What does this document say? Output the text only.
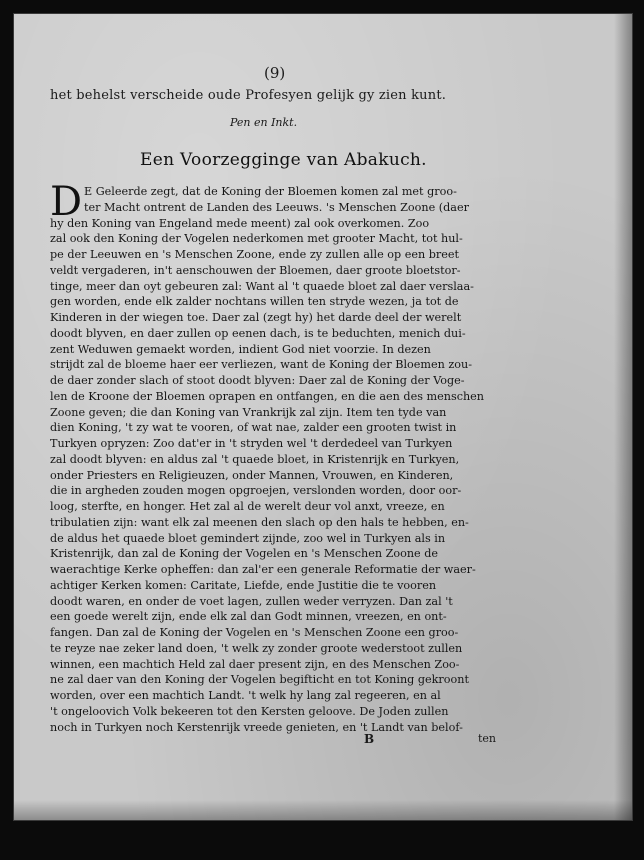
(9)
het behelst verscheide oude Profesyen gelijk gy zien kunt.
Pen en Inkt.
Een Voorzegginge van Abakuch.
D E Geleerde zegt, dat de Koning der Bloemen komen zal met groo-
ter Macht ontrent de Landen des Leeuws. 's Menschen Zoone (daer
hy den Koning van Engeland mede meent) zal ook overkomen. Zoo
zal ook den Koning der Vogelen nederkomen met grooter Macht, tot hul-
pe der Leeuwen en 's Menschen Zoone, ende zy zullen alle op een breet
veldt vergaderen, in't aenschouwen der Bloemen, daer groote bloetstor-
tinge, meer dan oyt gebeuren zal: Want al 't quaede bloet zal daer verslaa-
gen worden, ende elk zalder nochtans willen ten stryde wezen, ja tot de
Kinderen in der wiegen toe. Daer zal (zegt hy) het darde deel der werelt
doodt blyven, en daer zullen op eenen dach, is te beduchten, menich dui-
zent Weduwen gemaekt worden, indient God niet voorzie. In dezen
strijdt zal de bloeme haer eer verliezen, want de Koning der Bloemen zou-
de daer zonder slach of stoot doodt blyven: Daer zal de Koning der Voge-
len de Kroone der Bloemen oprapen en ontfangen, en die aen des menschen
Zoone geven; die dan Koning van Vrankrijk zal zijn. Item ten tyde van
dien Koning, 't zy wat te vooren, of wat nae, zalder een grooten twist in
Turkyen opryzen: Zoo dat'er in 't stryden wel 't derdedeel van Turkyen
zal doodt blyven: en aldus zal 't quaede bloet, in Kristenrijk en Turkyen,
onder Priesters en Religieuzen, onder Mannen, Vrouwen, en Kinderen,
die in argheden zouden mogen opgroejen, verslonden worden, door oor-
loog, sterfte, en honger. Het zal al de werelt deur vol anxt, vreeze, en
tribulatien zijn: want elk zal meenen den slach op den hals te hebben, en-
de aldus het quaede bloet gemindert zijnde, zoo wel in Turkyen als in
Kristenrijk, dan zal de Koning der Vogelen en 's Menschen Zoone de
waerachtige Kerke opheffen: dan zal'er een generale Reformatie der waer-
achtiger Kerken komen: Caritate, Liefde, ende Justitie die te vooren
doodt waren, en onder de voet lagen, zullen weder verryzen. Dan zal 't
een goede werelt zijn, ende elk zal dan Godt minnen, vreezen, en ont-
fangen. Dan zal de Koning der Vogelen en 's Menschen Zoone een groo-
te reyze nae zeker land doen, 't welk zy zonder groote wederstoot zullen
winnen, een machtich Held zal daer present zijn, en des Menschen Zoo-
ne zal daer van den Koning der Vogelen begifticht en tot Koning gekroont
worden, over een machtich Landt. 't welk hy lang zal regeeren, en al
't ongeloovich Volk bekeeren tot den Kersten geloove. De Joden zullen
noch in Turkyen noch Kerstenrijk vreede genieten, en 't Landt van belof-
B	ten
